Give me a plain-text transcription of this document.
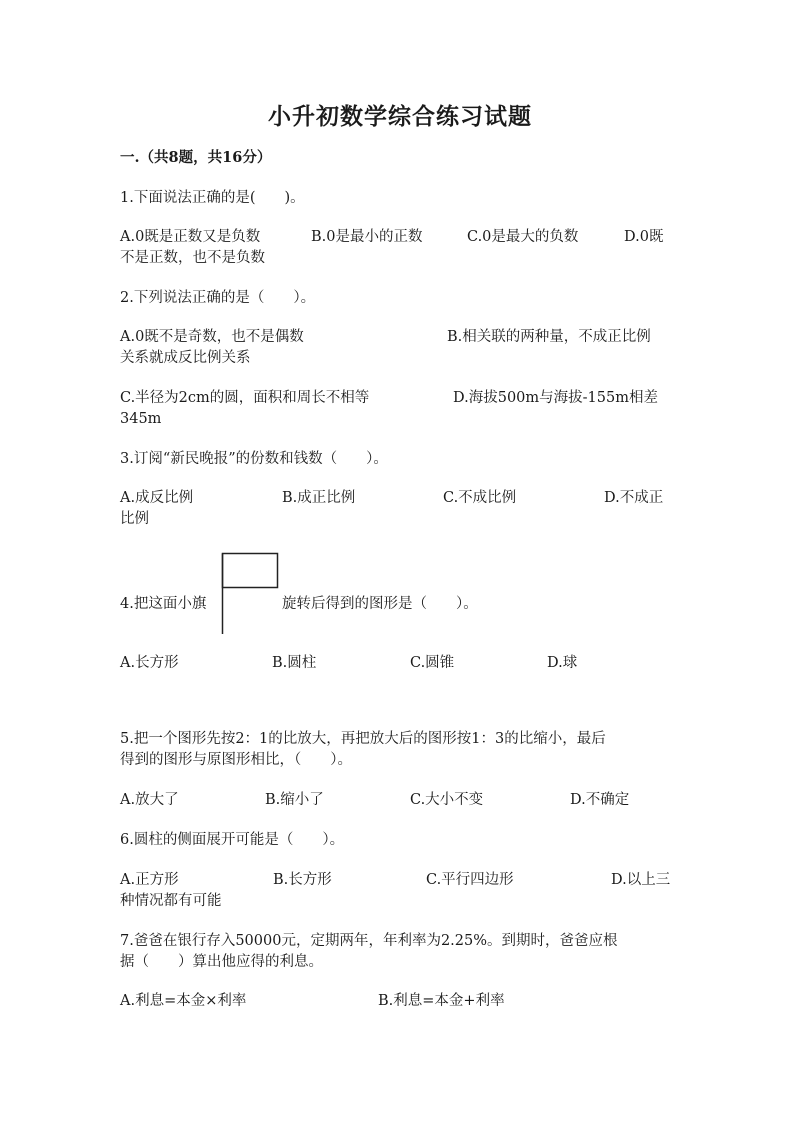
小升初数学综合练习试题
一.（共8题，共16分）
1.下面说法正确的是(　　)。
A.0既是正数又是负数	B.0是最小的正数	C.0是最大的负数	D.0既
不是正数，也不是负数
2.下列说法正确的是（　　）。
A.0既不是奇数，也不是偶数	B.相关联的两种量，不成正比例
关系就成反比例关系
C.半径为2cm的圆，面积和周长不相等	D.海拔500m与海拔-155m相差
345m
3.订阅“新民晚报”的份数和钱数（　　）。
A.成反比例	B.成正比例	C.不成比例	D.不成正
比例
4.把这面小旗	旋转后得到的图形是（　　）。
A.长方形	B.圆柱	C.圆锥	D.球
5.把一个图形先按2：1的比放大，再把放大后的图形按1：3的比缩小，最后
得到的图形与原图形相比，（　　）。
A.放大了	B.缩小了	C.大小不变	D.不确定
6.圆柱的侧面展开可能是（　　）。
A.正方形	B.长方形	C.平行四边形	D.以上三
种情况都有可能
7.爸爸在银行存入50000元，定期两年，年利率为2.25%。到期时，爸爸应根
据（　　）算出他应得的利息。
A.利息=本金×利率	B.利息=本金+利率
